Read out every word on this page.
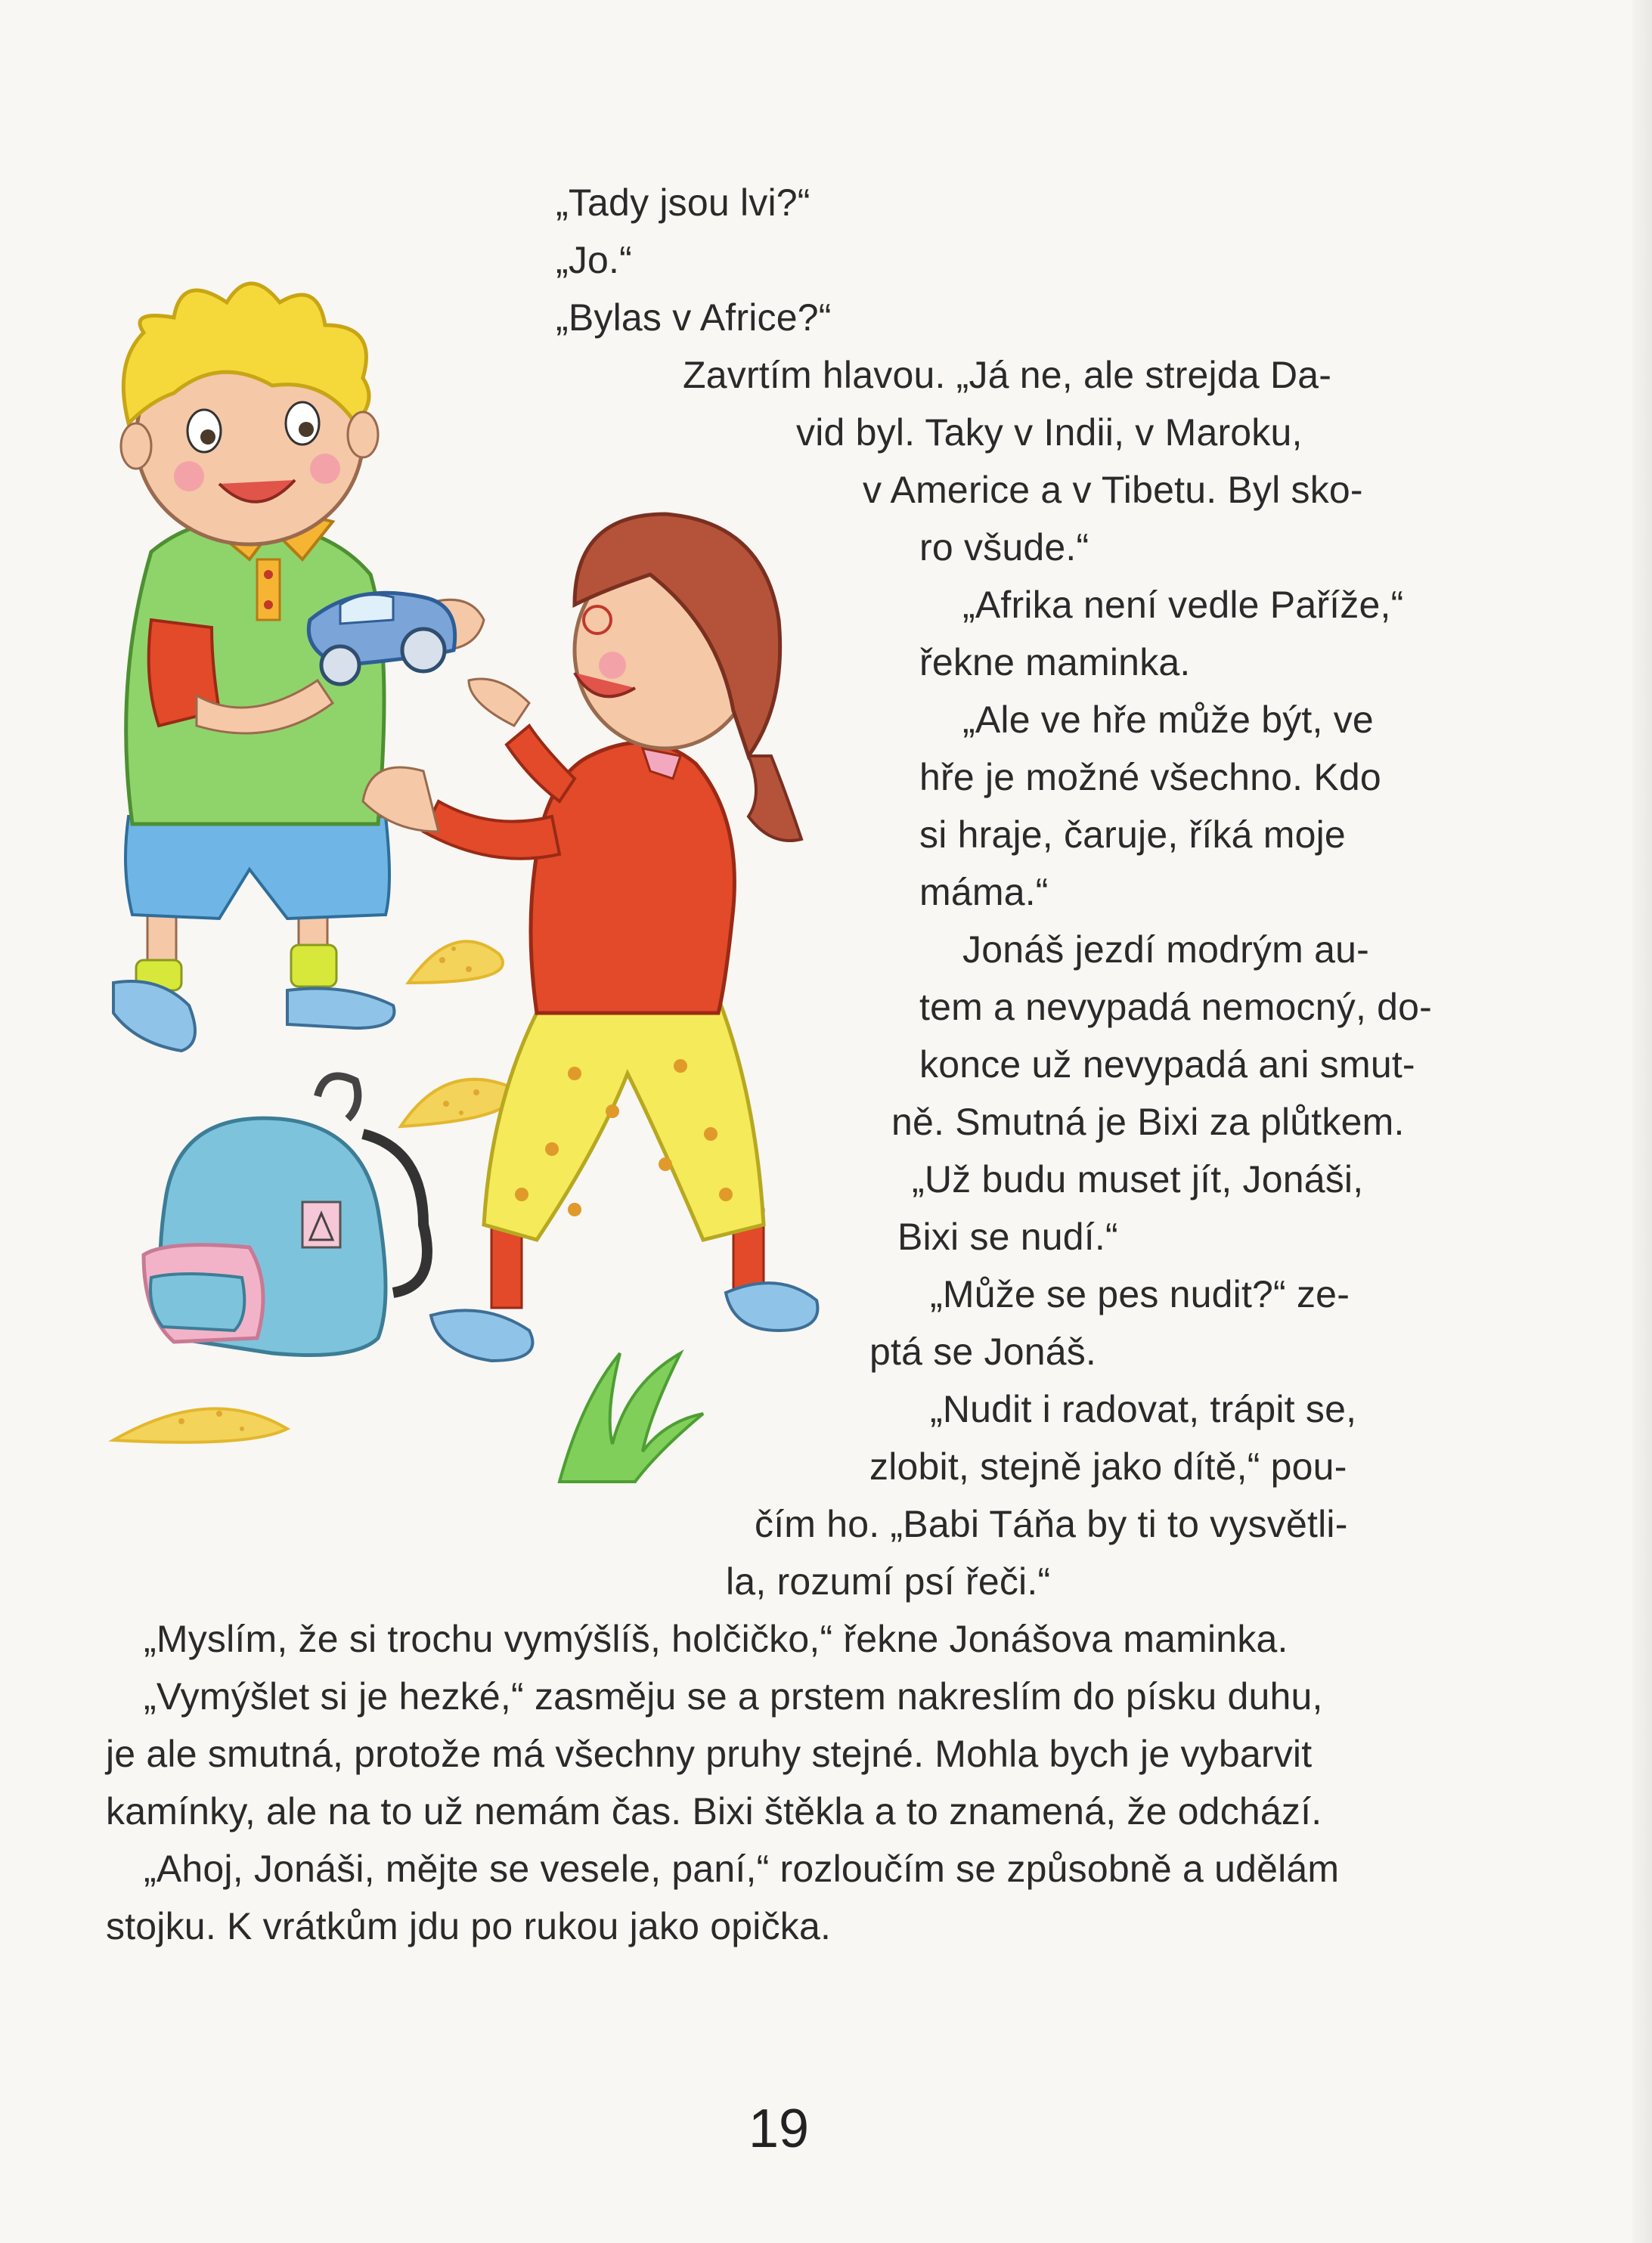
„Tady jsou lvi?“
„Jo.“
„Bylas v Africe?“
Zavrtím hlavou. „Já ne, ale strejda Da-
vid byl. Taky v Indii, v Maroku,
v Americe a v Tibetu. Byl sko-
ro všude.“
„Afrika není vedle Paříže,“
řekne maminka.
„Ale ve hře může být, ve
hře je možné všechno. Kdo
si hraje, čaruje, říká moje
máma.“
Jonáš jezdí modrým au-
tem a nevypadá nemocný, do-
konce už nevypadá ani smut-
ně. Smutná je Bixi za plůtkem.
„Už budu muset jít, Jonáši,
Bixi se nudí.“
„Může se pes nudit?“ ze-
ptá se Jonáš.
„Nudit i radovat, trápit se,
zlobit, stejně jako dítě,“ pou-
čím ho. „Babi Táňa by ti to vysvětli-
la, rozumí psí řeči.“
„Myslím, že si trochu vymýšlíš, holčičko,“ řekne Jonášova maminka.
„Vymýšlet si je hezké,“ zasměju se a prstem nakreslím do písku duhu,
je ale smutná, protože má všechny pruhy stejné. Mohla bych je vybarvit
kamínky, ale na to už nemám čas. Bixi štěkla a to znamená, že odchází.
„Ahoj, Jonáši, mějte se vesele, paní,“ rozloučím se způsobně a udělám
stojku. K vrátkům jdu po rukou jako opička.
19
